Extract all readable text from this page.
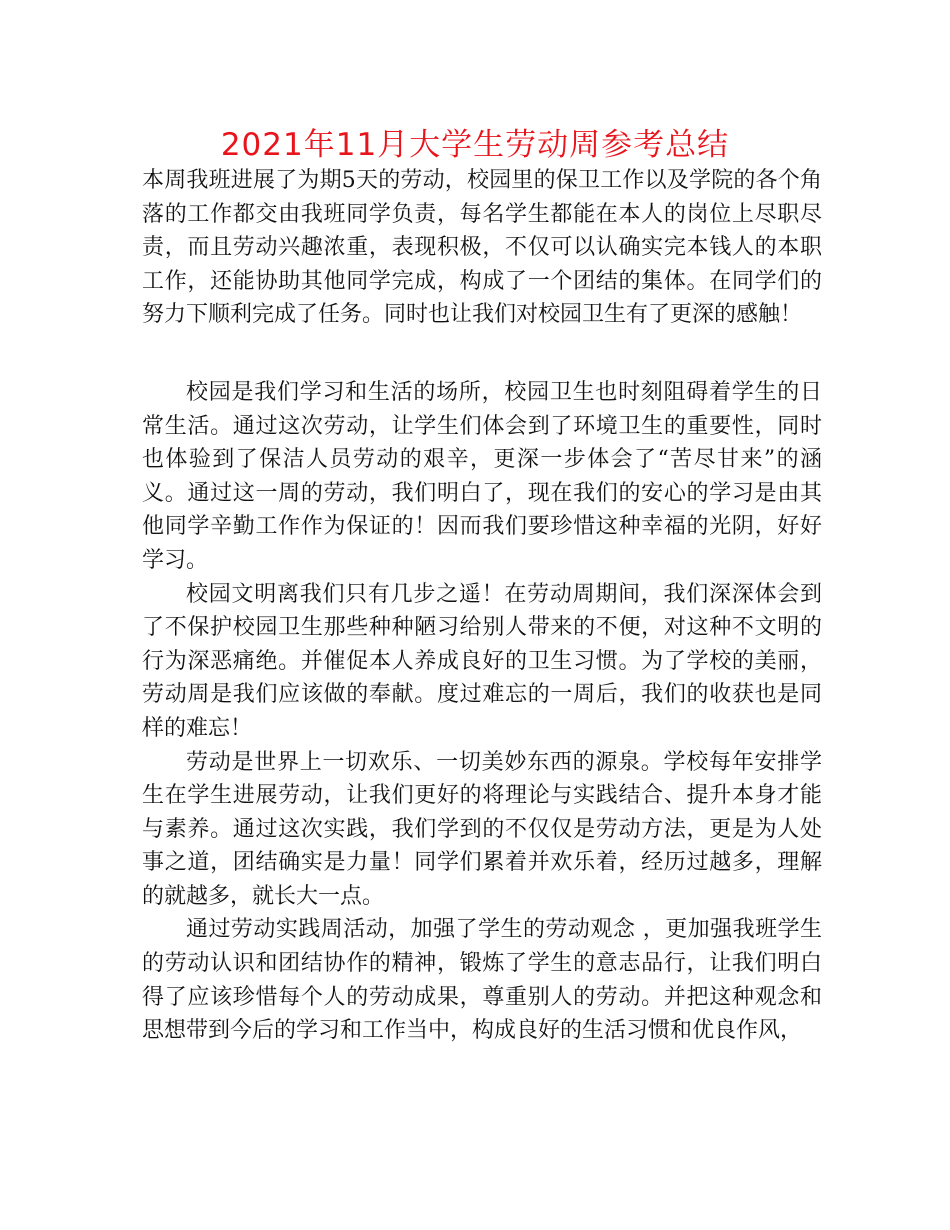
2021年11月大学生劳动周参考总结

本周我班进展了为期5天的劳动，校园里的保卫工作以及学院的各个角落的工作都交由我班同学负责，每名学生都能在本人的岗位上尽职尽责，而且劳动兴趣浓重，表现积极，不仅可以认确实完本钱人的本职工作，还能协助其他同学完成，构成了一个团结的集体。在同学们的努力下顺利完成了任务。同时也让我们对校园卫生有了更深的感触！

校园是我们学习和生活的场所，校园卫生也时刻阻碍着学生的日常生活。通过这次劳动，让学生们体会到了环境卫生的重要性，同时也体验到了保洁人员劳动的艰辛，更深一步体会了“苦尽甘来”的涵义。通过这一周的劳动，我们明白了，现在我们的安心的学习是由其他同学辛勤工作作为保证的！因而我们要珍惜这种幸福的光阴，好好学习。

校园文明离我们只有几步之遥！在劳动周期间，我们深深体会到了不保护校园卫生那些种种陋习给别人带来的不便，对这种不文明的行为深恶痛绝。并催促本人养成良好的卫生习惯。为了学校的美丽，劳动周是我们应该做的奉献。度过难忘的一周后，我们的收获也是同样的难忘！

劳动是世界上一切欢乐、一切美妙东西的源泉。学校每年安排学生在学生进展劳动，让我们更好的将理论与实践结合、提升本身才能与素养。通过这次实践，我们学到的不仅仅是劳动方法，更是为人处事之道，团结确实是力量！同学们累着并欢乐着，经历过越多，理解的就越多，就长大一点。

通过劳动实践周活动，加强了学生的劳动观念 ，更加强我班学生的劳动认识和团结协作的精神，锻炼了学生的意志品行，让我们明白得了应该珍惜每个人的劳动成果，尊重别人的劳动。并把这种观念和思想带到今后的学习和工作当中，构成良好的生活习惯和优良作风，
